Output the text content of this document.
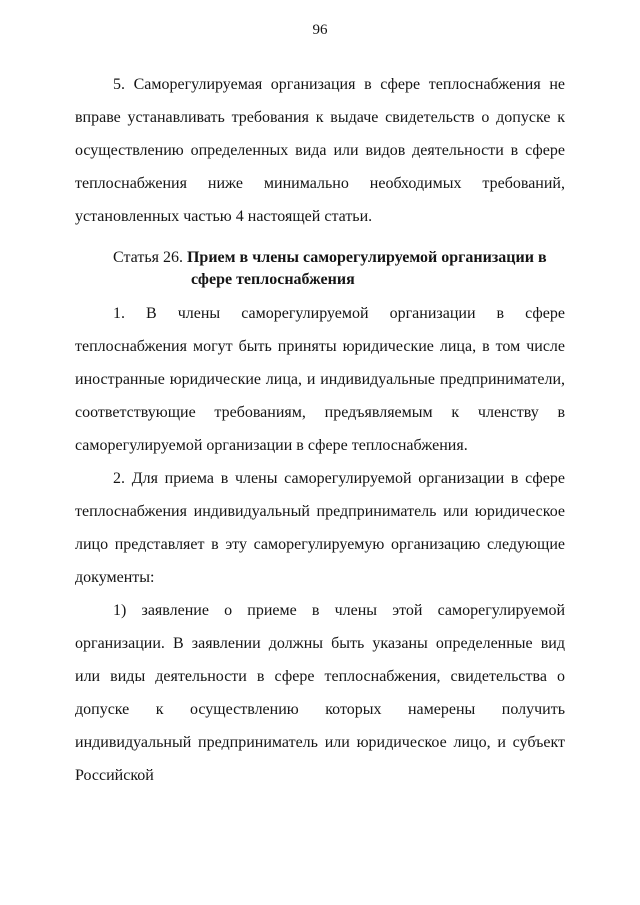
96

5. Саморегулируемая организация в сфере теплоснабжения не вправе устанавливать требования к выдаче свидетельств о допуске к осуществлению определенных вида или видов деятельности в сфере теплоснабжения ниже минимально необходимых требований, установленных частью 4 настоящей статьи.

Статья 26. Прием в члены саморегулируемой организации в сфере теплоснабжения

1. В члены саморегулируемой организации в сфере теплоснабжения могут быть приняты юридические лица, в том числе иностранные юридические лица, и индивидуальные предприниматели, соответствующие требованиям, предъявляемым к членству в саморегулируемой организации в сфере теплоснабжения.

2. Для приема в члены саморегулируемой организации в сфере теплоснабжения индивидуальный предприниматель или юридическое лицо представляет в эту саморегулируемую организацию следующие документы:

1) заявление о приеме в члены этой саморегулируемой организации. В заявлении должны быть указаны определенные вид или виды деятельности в сфере теплоснабжения, свидетельства о допуске к осуществлению которых намерены получить индивидуальный предприниматель или юридическое лицо, и субъект Российской
